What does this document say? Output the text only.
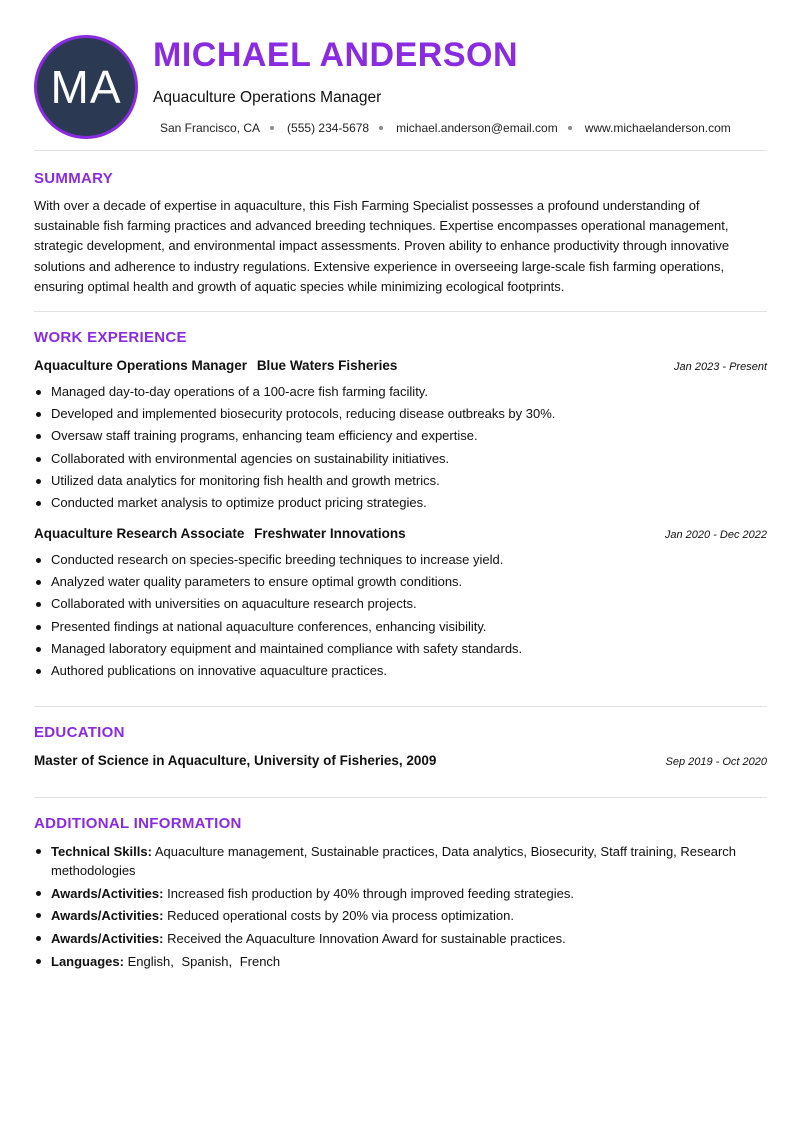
MA
MICHAEL ANDERSON
Aquaculture Operations Manager
San Francisco, CA (555) 234-5678 michael.anderson@email.com www.michaelanderson.com
SUMMARY

With over a decade of expertise in aquaculture, this Fish Farming Specialist possesses a profound understanding of sustainable fish farming practices and advanced breeding techniques. Expertise encompasses operational management, strategic development, and environmental impact assessments. Proven ability to enhance productivity through innovative solutions and adherence to industry regulations. Extensive experience in overseeing large-scale fish farming operations, ensuring optimal health and growth of aquatic species while minimizing ecological footprints.

WORK EXPERIENCE
Aquaculture Operations Manager Blue Waters Fisheries	Jan 2023 - Present
Managed day-to-day operations of a 100-acre fish farming facility.
Developed and implemented biosecurity protocols, reducing disease outbreaks by 30%.
Oversaw staff training programs, enhancing team efficiency and expertise.
Collaborated with environmental agencies on sustainability initiatives.
Utilized data analytics for monitoring fish health and growth metrics.
Conducted market analysis to optimize product pricing strategies.
Aquaculture Research Associate Freshwater Innovations	Jan 2020 - Dec 2022
Conducted research on species-specific breeding techniques to increase yield.
Analyzed water quality parameters to ensure optimal growth conditions.
Collaborated with universities on aquaculture research projects.
Presented findings at national aquaculture conferences, enhancing visibility.
Managed laboratory equipment and maintained compliance with safety standards.
Authored publications on innovative aquaculture practices.
EDUCATION
Master of Science in Aquaculture, University of Fisheries, 2009	Sep 2019 - Oct 2020
ADDITIONAL INFORMATION
Technical Skills: Aquaculture management, Sustainable practices, Data analytics, Biosecurity, Staff training, Research methodologies
Awards/Activities: Increased fish production by 40% through improved feeding strategies.
Awards/Activities: Reduced operational costs by 20% via process optimization.
Awards/Activities: Received the Aquaculture Innovation Award for sustainable practices.
Languages: English, Spanish, French
